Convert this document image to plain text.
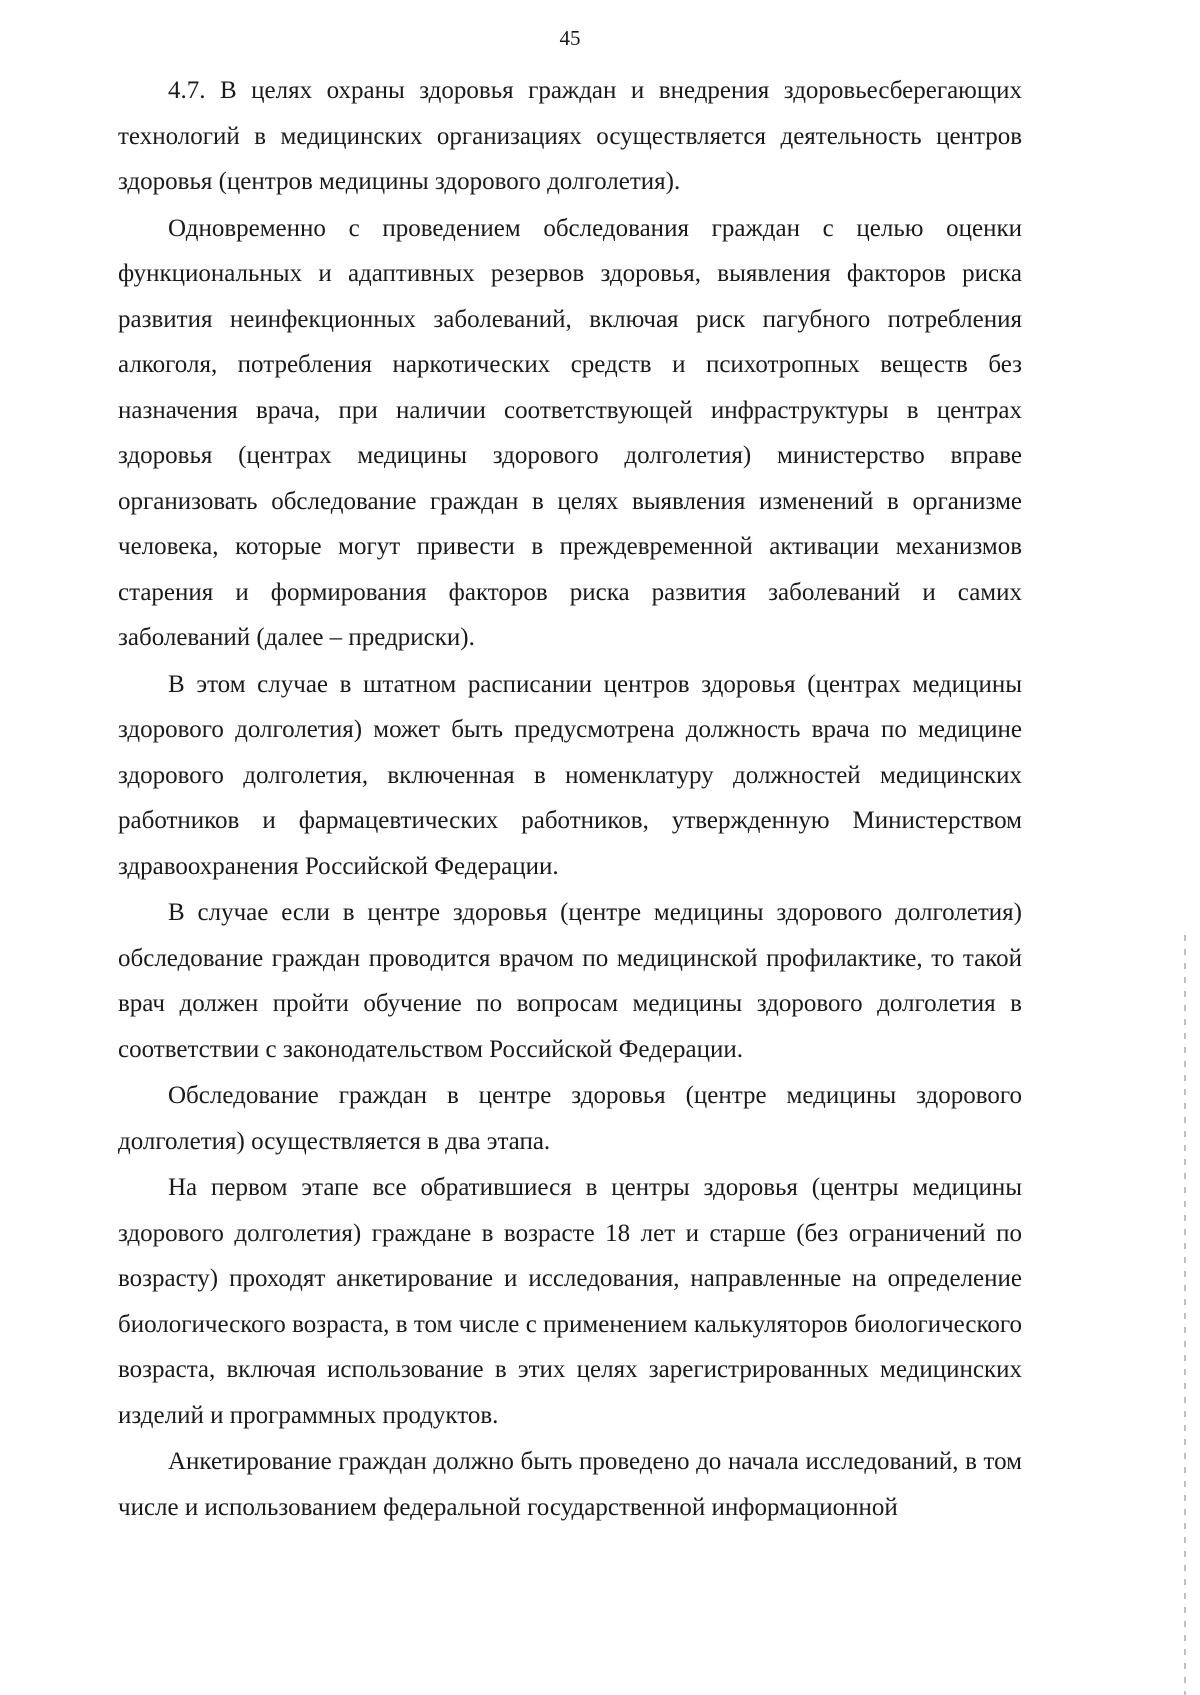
45

4.7. В целях охраны здоровья граждан и внедрения здоровьесберегающих технологий в медицинских организациях осуществляется деятельность центров здоровья (центров медицины здорового долголетия).

Одновременно с проведением обследования граждан с целью оценки функциональных и адаптивных резервов здоровья, выявления факторов риска развития неинфекционных заболеваний, включая риск пагубного потребления алкоголя, потребления наркотических средств и психотропных веществ без назначения врача, при наличии соответствующей инфраструктуры в центрах здоровья (центрах медицины здорового долголетия) министерство вправе организовать обследование граждан в целях выявления изменений в организме человека, которые могут привести в преждевременной активации механизмов старения и формирования факторов риска развития заболеваний и самих заболеваний (далее – предриски).

В этом случае в штатном расписании центров здоровья (центрах медицины здорового долголетия) может быть предусмотрена должность врача по медицине здорового долголетия, включенная в номенклатуру должностей медицинских работников и фармацевтических работников, утвержденную Министерством здравоохранения Российской Федерации.

В случае если в центре здоровья (центре медицины здорового долголетия) обследование граждан проводится врачом по медицинской профилактике, то такой врач должен пройти обучение по вопросам медицины здорового долголетия в соответствии с законодательством Российской Федерации.

Обследование граждан в центре здоровья (центре медицины здорового долголетия) осуществляется в два этапа.

На первом этапе все обратившиеся в центры здоровья (центры медицины здорового долголетия) граждане в возрасте 18 лет и старше (без ограничений по возрасту) проходят анкетирование и исследования, направленные на определение биологического возраста, в том числе с применением калькуляторов биологического возраста, включая использование в этих целях зарегистрированных медицинских изделий и программных продуктов.

Анкетирование граждан должно быть проведено до начала исследований, в том числе и использованием федеральной государственной информационной
